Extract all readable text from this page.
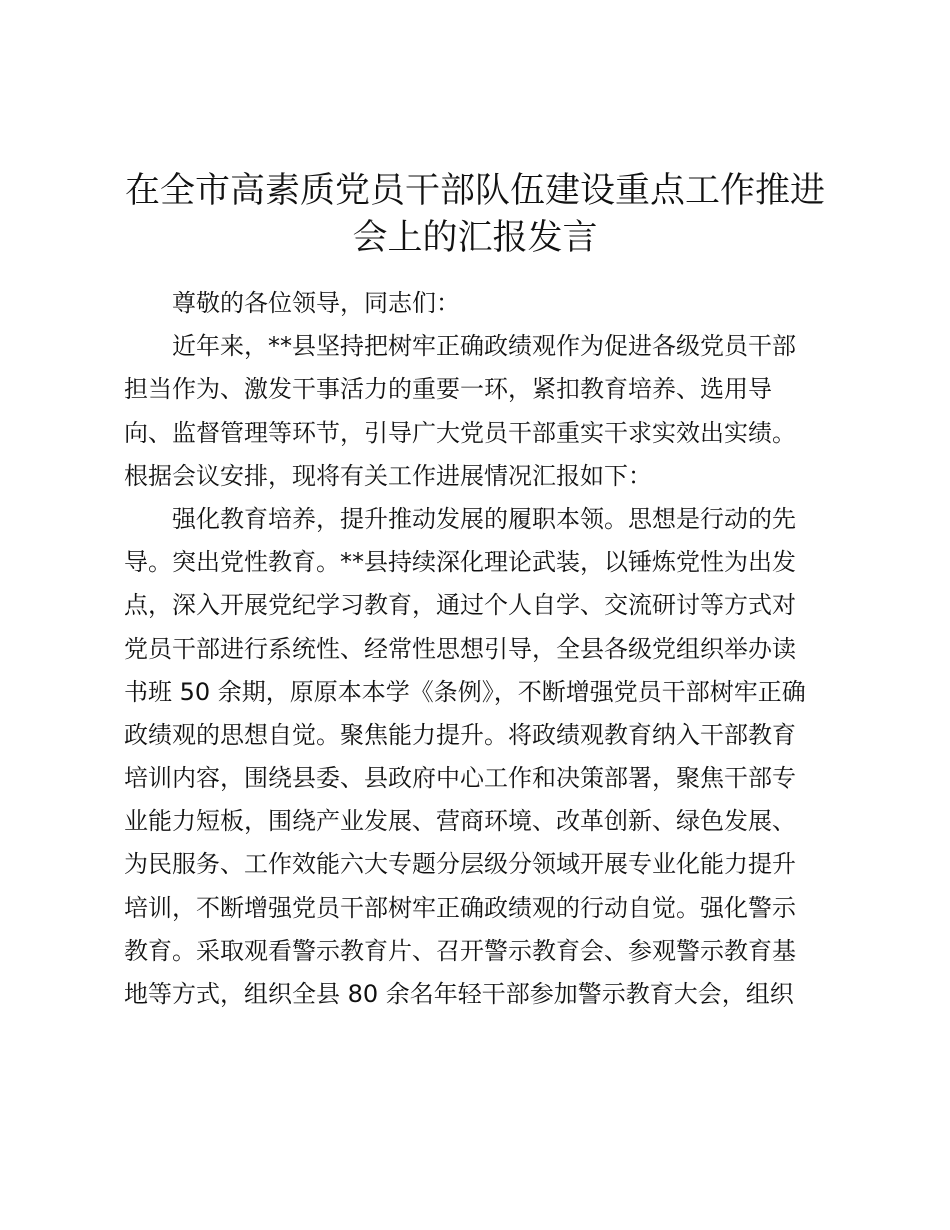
在全市高素质党员干部队伍建设重点工作推进
会上的汇报发言
尊敬的各位领导，同志们：
近年来，**县坚持把树牢正确政绩观作为促进各级党员干部
担当作为、激发干事活力的重要一环，紧扣教育培养、选用导
向、监督管理等环节，引导广大党员干部重实干求实效出实绩。
根据会议安排，现将有关工作进展情况汇报如下：
强化教育培养，提升推动发展的履职本领。思想是行动的先
导。突出党性教育。**县持续深化理论武装，以锤炼党性为出发
点，深入开展党纪学习教育，通过个人自学、交流研讨等方式对
党员干部进行系统性、经常性思想引导，全县各级党组织举办读
书班 50 余期，原原本本学《条例》，不断增强党员干部树牢正确
政绩观的思想自觉。聚焦能力提升。将政绩观教育纳入干部教育
培训内容，围绕县委、县政府中心工作和决策部署，聚焦干部专
业能力短板，围绕产业发展、营商环境、改革创新、绿色发展、
为民服务、工作效能六大专题分层级分领域开展专业化能力提升
培训，不断增强党员干部树牢正确政绩观的行动自觉。强化警示
教育。采取观看警示教育片、召开警示教育会、参观警示教育基
地等方式，组织全县 80 余名年轻干部参加警示教育大会，组织
